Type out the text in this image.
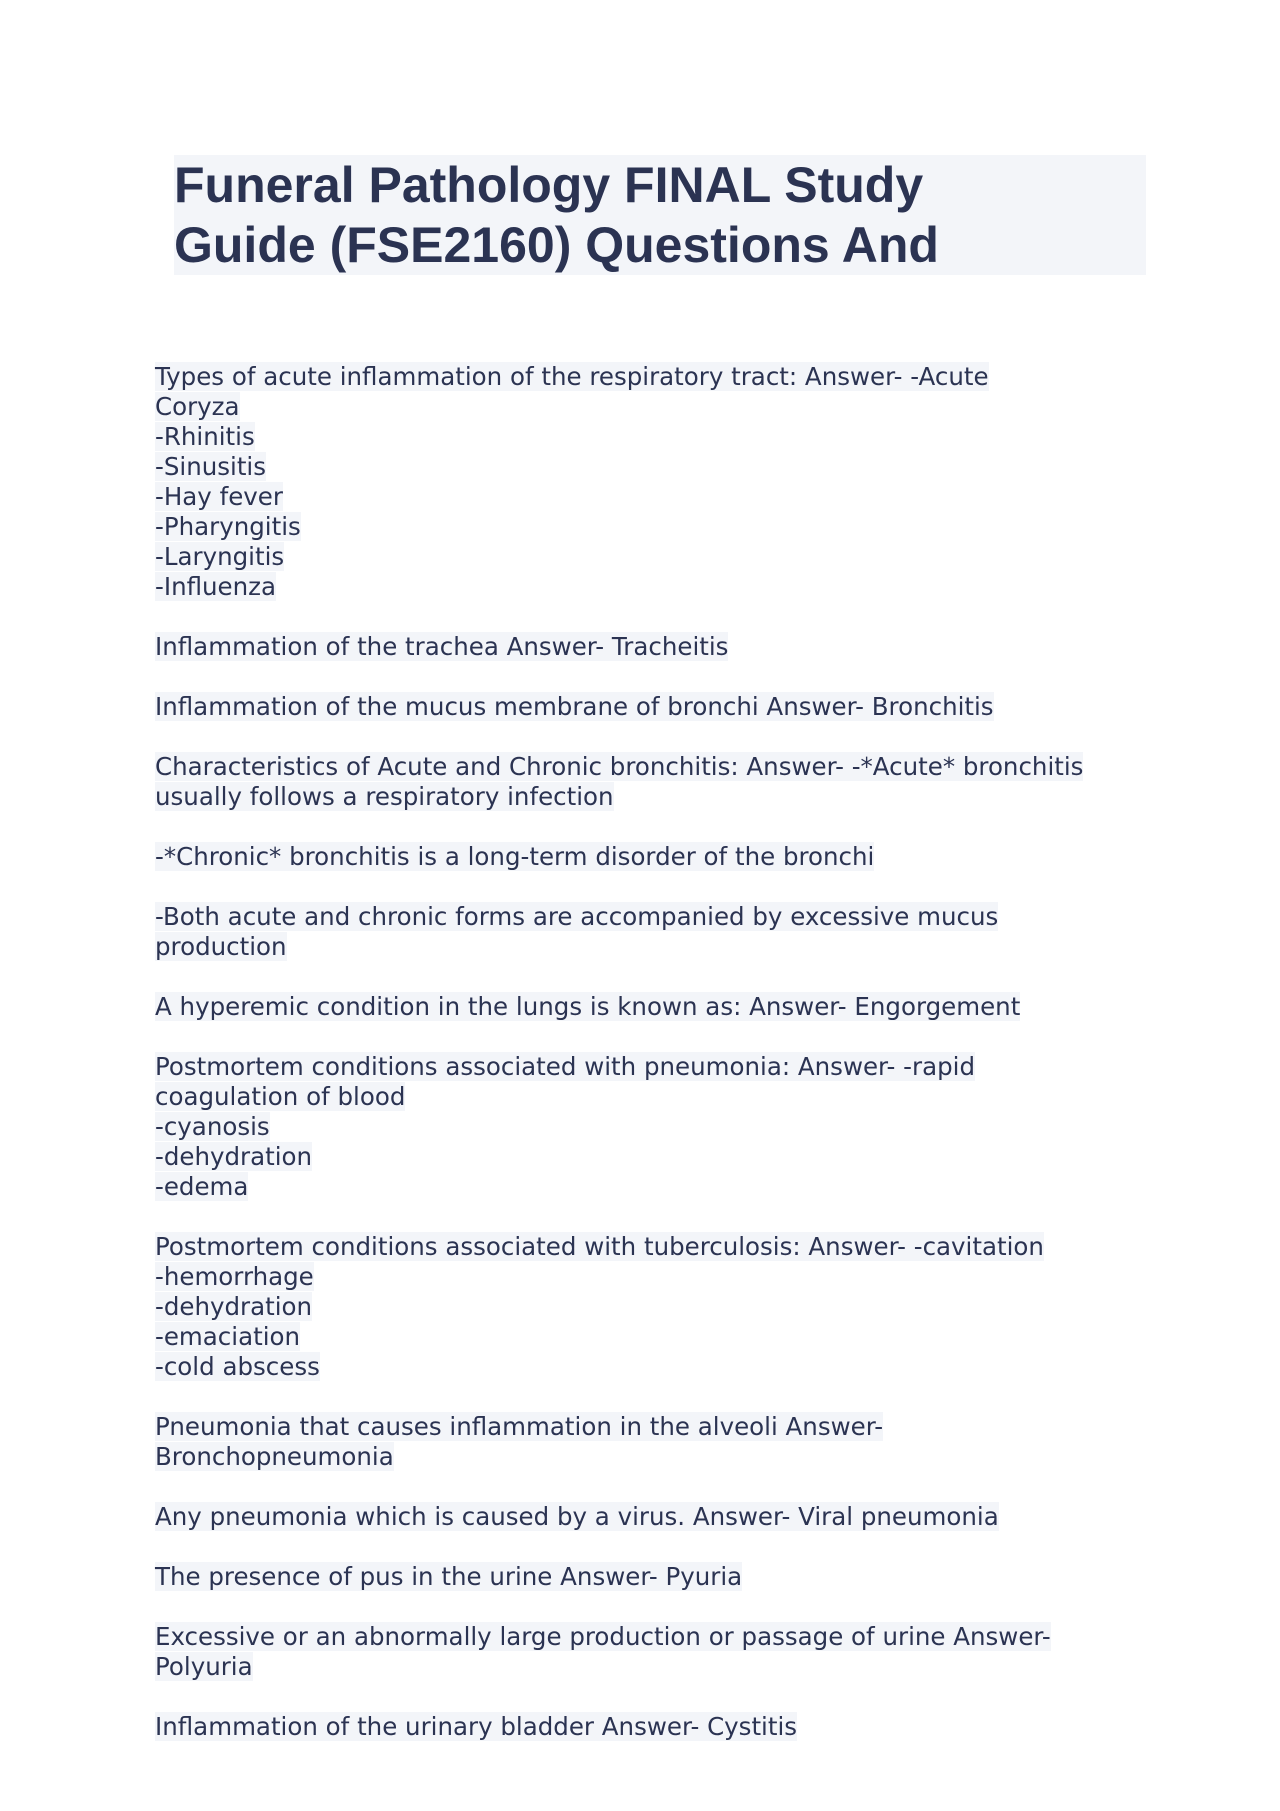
Funeral Pathology FINAL Study
Guide (FSE2160) Questions And
Types of acute inflammation of the respiratory tract: Answer- -Acute
Coryza
-Rhinitis
-Sinusitis
-Hay fever
-Pharyngitis
-Laryngitis
-Influenza
Inflammation of the trachea Answer- Tracheitis
Inflammation of the mucus membrane of bronchi Answer- Bronchitis
Characteristics of Acute and Chronic bronchitis: Answer- -*Acute* bronchitis
usually follows a respiratory infection
-*Chronic* bronchitis is a long-term disorder of the bronchi
-Both acute and chronic forms are accompanied by excessive mucus
production
A hyperemic condition in the lungs is known as: Answer- Engorgement
Postmortem conditions associated with pneumonia: Answer- -rapid
coagulation of blood
-cyanosis
-dehydration
-edema
Postmortem conditions associated with tuberculosis: Answer- -cavitation
-hemorrhage
-dehydration
-emaciation
-cold abscess
Pneumonia that causes inflammation in the alveoli Answer-
Bronchopneumonia
Any pneumonia which is caused by a virus. Answer- Viral pneumonia
The presence of pus in the urine Answer- Pyuria
Excessive or an abnormally large production or passage of urine Answer-
Polyuria
Inflammation of the urinary bladder Answer- Cystitis
